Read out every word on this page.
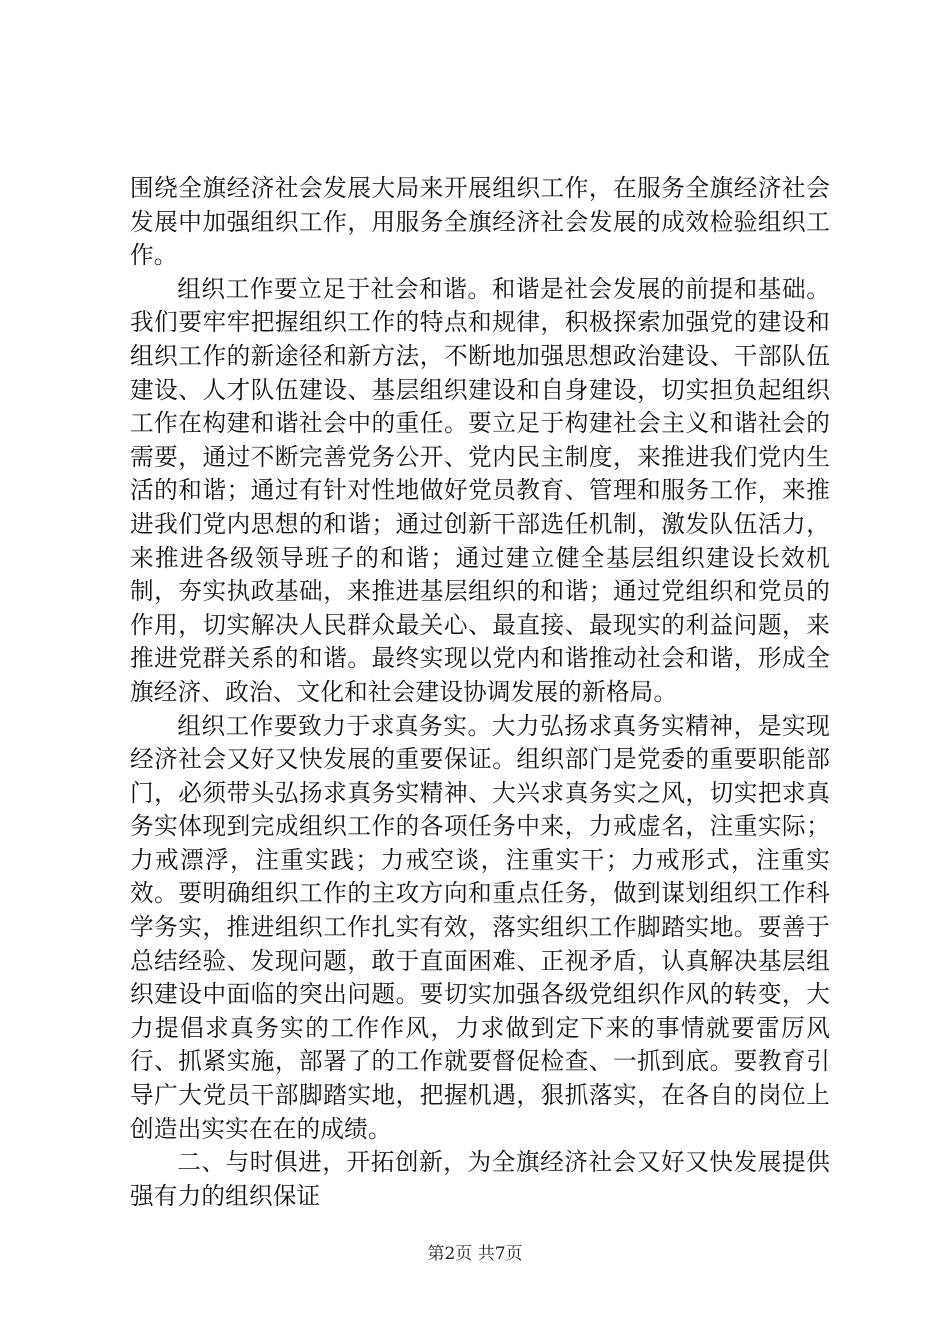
围绕全旗经济社会发展大局来开展组织工作，在服务全旗经济社会发展中加强组织工作，用服务全旗经济社会发展的成效检验组织工作。

组织工作要立足于社会和谐。和谐是社会发展的前提和基础。我们要牢牢把握组织工作的特点和规律，积极探索加强党的建设和组织工作的新途径和新方法，不断地加强思想政治建设、干部队伍建设、人才队伍建设、基层组织建设和自身建设，切实担负起组织工作在构建和谐社会中的重任。要立足于构建社会主义和谐社会的需要，通过不断完善党务公开、党内民主制度，来推进我们党内生活的和谐；通过有针对性地做好党员教育、管理和服务工作，来推进我们党内思想的和谐；通过创新干部选任机制，激发队伍活力，来推进各级领导班子的和谐；通过建立健全基层组织建设长效机制，夯实执政基础，来推进基层组织的和谐；通过党组织和党员的作用，切实解决人民群众最关心、最直接、最现实的利益问题，来推进党群关系的和谐。最终实现以党内和谐推动社会和谐，形成全旗经济、政治、文化和社会建设协调发展的新格局。

组织工作要致力于求真务实。大力弘扬求真务实精神，是实现经济社会又好又快发展的重要保证。组织部门是党委的重要职能部门，必须带头弘扬求真务实精神、大兴求真务实之风，切实把求真务实体现到完成组织工作的各项任务中来，力戒虚名，注重实际；力戒漂浮，注重实践；力戒空谈，注重实干；力戒形式，注重实效。要明确组织工作的主攻方向和重点任务，做到谋划组织工作科学务实，推进组织工作扎实有效，落实组织工作脚踏实地。要善于总结经验、发现问题，敢于直面困难、正视矛盾，认真解决基层组织建设中面临的突出问题。要切实加强各级党组织作风的转变，大力提倡求真务实的工作作风，力求做到定下来的事情就要雷厉风行、抓紧实施，部署了的工作就要督促检查、一抓到底。要教育引导广大党员干部脚踏实地，把握机遇，狠抓落实，在各自的岗位上创造出实实在在的成绩。

二、与时俱进，开拓创新，为全旗经济社会又好又快发展提供强有力的组织保证

第2页 共7页
